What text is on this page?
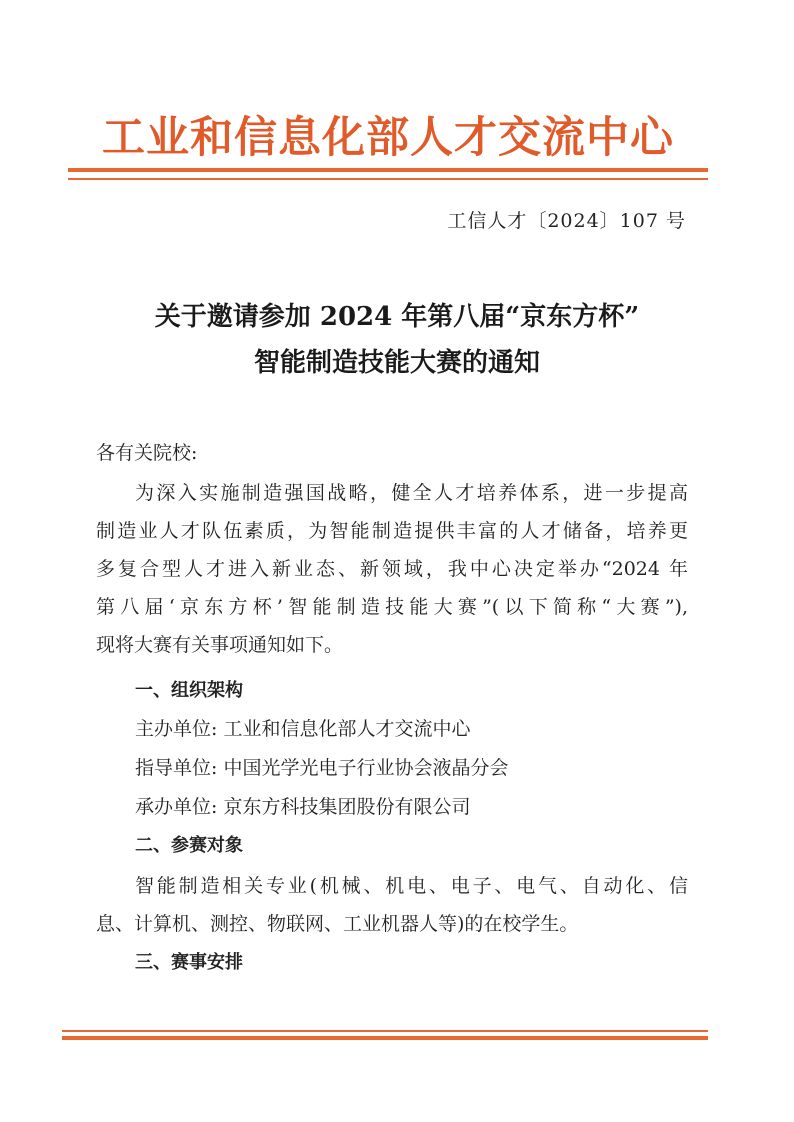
工业和信息化部人才交流中心
工信人才〔2024〕107 号
关于邀请参加 2024 年第八届“京东方杯”
智能制造技能大赛的通知
各有关院校:
为深入实施制造强国战略，健全人才培养体系，进一步提高
制造业人才队伍素质，为智能制造提供丰富的人才储备，培养更
多复合型人才进入新业态、新领域，我中心决定举办“2024 年
第八届‘京东方杯’智能制造技能大赛”(以下简称“大赛”),
现将大赛有关事项通知如下。
一、组织架构
主办单位: 工业和信息化部人才交流中心
指导单位: 中国光学光电子行业协会液晶分会
承办单位: 京东方科技集团股份有限公司
二、参赛对象
智能制造相关专业(机械、机电、电子、电气、自动化、信
息、计算机、测控、物联网、工业机器人等)的在校学生。
三、赛事安排
